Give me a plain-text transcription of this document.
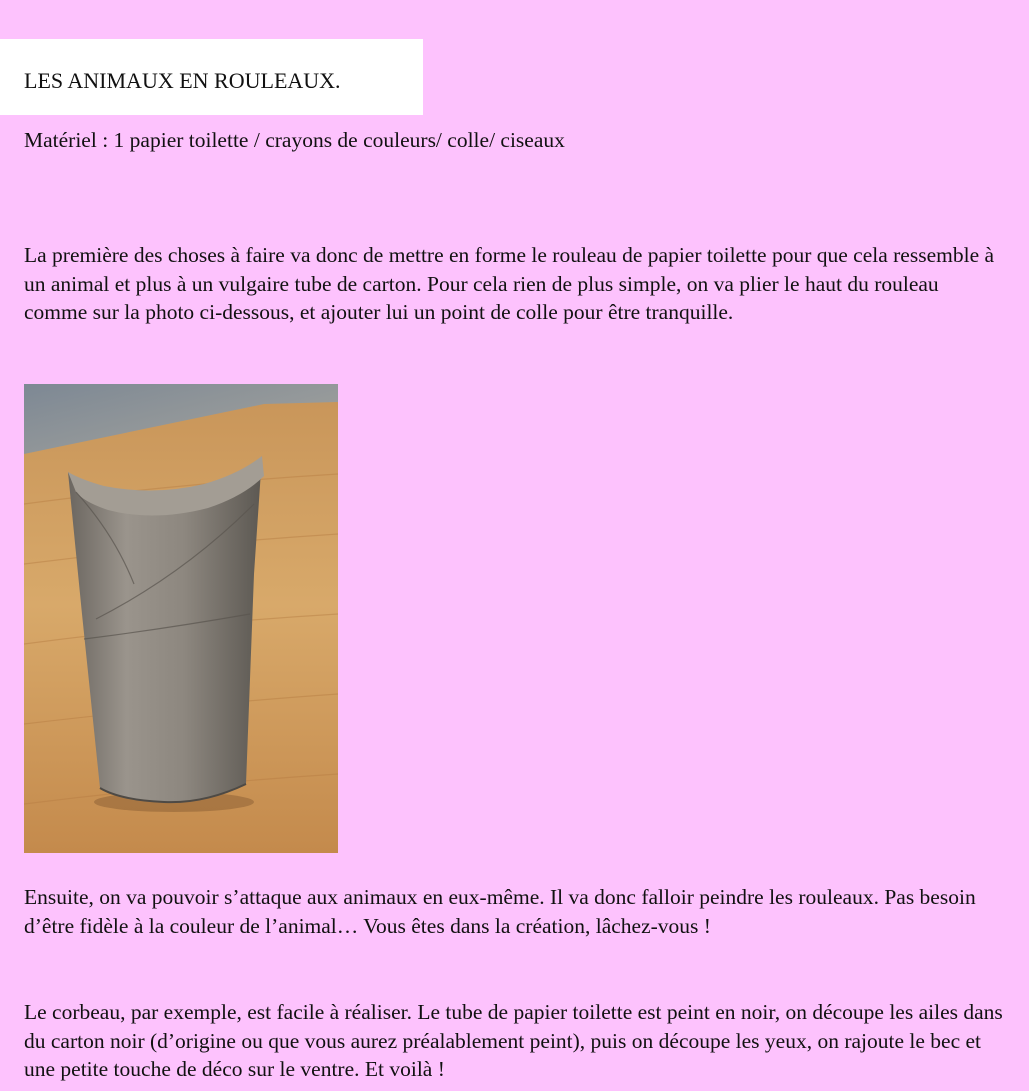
LES ANIMAUX EN ROULEAUX.

Matériel : 1 papier toilette / crayons de couleurs/ colle/ ciseaux

La première des choses à faire va donc de mettre en forme le rouleau de papier toilette pour que cela ressemble à un animal et plus à un vulgaire tube de carton. Pour cela rien de plus simple, on va plier le haut du rouleau comme sur la photo ci-dessous, et ajouter lui un point de colle pour être tranquille.

Ensuite, on va pouvoir s’attaque aux animaux en eux-même. Il va donc falloir peindre les rouleaux. Pas besoin d’être fidèle à la couleur de l’animal… Vous êtes dans la création, lâchez-vous !

Le corbeau, par exemple, est facile à réaliser. Le tube de papier toilette est peint en noir, on découpe les ailes dans du carton noir (d’origine ou que vous aurez préalablement peint), puis on découpe les yeux, on rajoute le bec et une petite touche de déco sur le ventre. Et voilà !
